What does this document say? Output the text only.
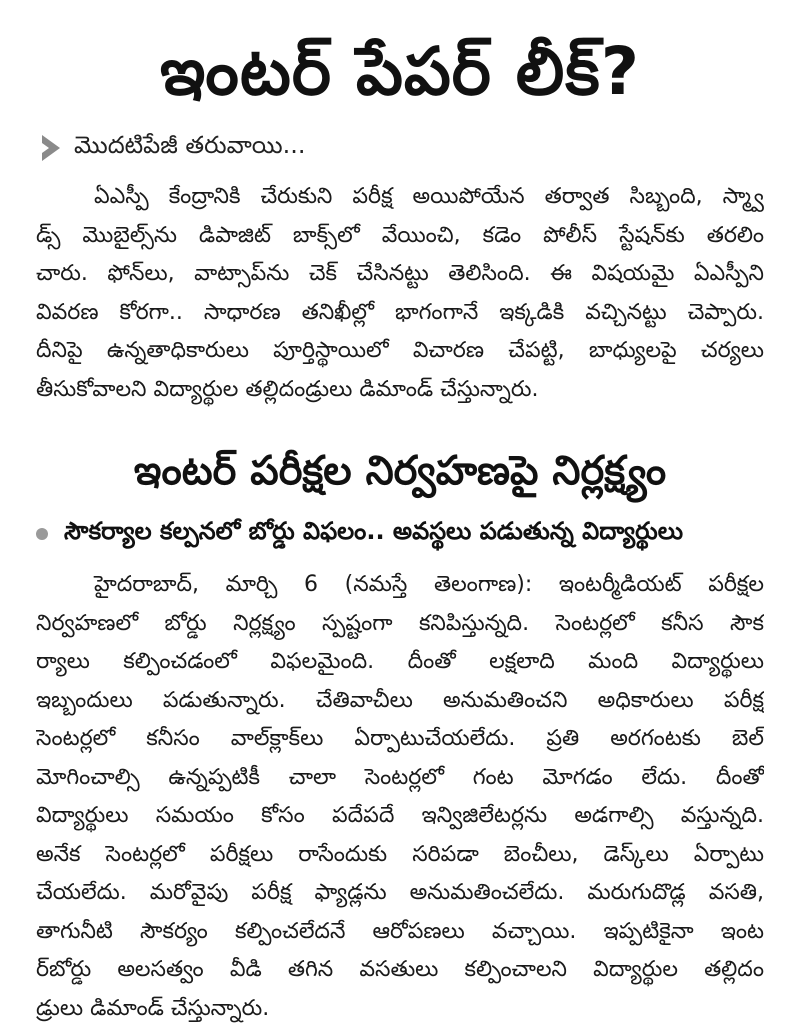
ఇంటర్ పేపర్ లీక్?
మొదటిపేజీ తరువాయి...
ఏఎస్పీ కేంద్రానికి చేరుకుని పరీక్ష అయిపోయేన తర్వాత సిబ్బంది, స్మ్వా
డ్స్ మొబైల్స్‌ను డిపాజిట్ బాక్స్‌లో వేయించి, కడెం పోలీస్ స్టేషన్‌కు తరలిం
చారు. ఫోన్‌లు, వాట్సాప్‌ను చెక్ చేసినట్టు తెలిసింది. ఈ విషయమై ఏఎస్పీని
వివరణ కోరగా.. సాధారణ తనిఖీల్లో భాగంగానే ఇక్కడికి వచ్చినట్టు చెప్పారు.
దీనిపై ఉన్నతాధికారులు పూర్తిస్థాయిలో విచారణ చేపట్టి, బాధ్యులపై చర్యలు
తీసుకోవాలని విద్యార్థుల తల్లిదండ్రులు డిమాండ్ చేస్తున్నారు.
ఇంటర్ పరీక్షల నిర్వహణపై నిర్లక్ష్యం
సౌకర్యాల కల్పనలో బోర్డు విఫలం.. అవస్థలు పడుతున్న విద్యార్థులు
హైదరాబాద్, మార్చి 6 (నమస్తే తెలంగాణ): ఇంటర్మీడియట్ పరీక్షల
నిర్వహణలో బోర్డు నిర్లక్ష్యం స్పష్టంగా కనిపిస్తున్నది. సెంటర్లలో కనీస సౌక
ర్యాలు కల్పించడంలో విఫలమైంది. దీంతో లక్షలాది మంది విద్యార్థులు
ఇబ్బందులు పడుతున్నారు. చేతివాచీలు అనుమతించని అధికారులు పరీక్ష
సెంటర్లలో కనీసం వాల్‌క్లాక్‌లు ఏర్పాటుచేయలేదు. ప్రతి అరగంటకు బెల్
మోగించాల్సి ఉన్నప్పటికీ చాలా సెంటర్లలో గంట మోగడం లేదు. దీంతో
విద్యార్థులు సమయం కోసం పదేపదే ఇన్విజిలేటర్లను అడగాల్సి వస్తున్నది.
అనేక సెంటర్లలో పరీక్షలు రాసేందుకు సరిపడా బెంచీలు, డెస్క్‌లు ఏర్పాటు
చేయలేదు. మరోవైపు పరీక్ష ఫ్యాడ్లను అనుమతించలేదు. మరుగుదొడ్ల వసతి,
తాగునీటి సౌకర్యం కల్పించలేదనే ఆరోపణలు వచ్చాయి. ఇప్పటికైనా ఇంట
ర్‌బోర్డు అలసత్వం వీడి తగిన వసతులు కల్పించాలని విద్యార్థుల తల్లిదం
డ్రులు డిమాండ్ చేస్తున్నారు.
